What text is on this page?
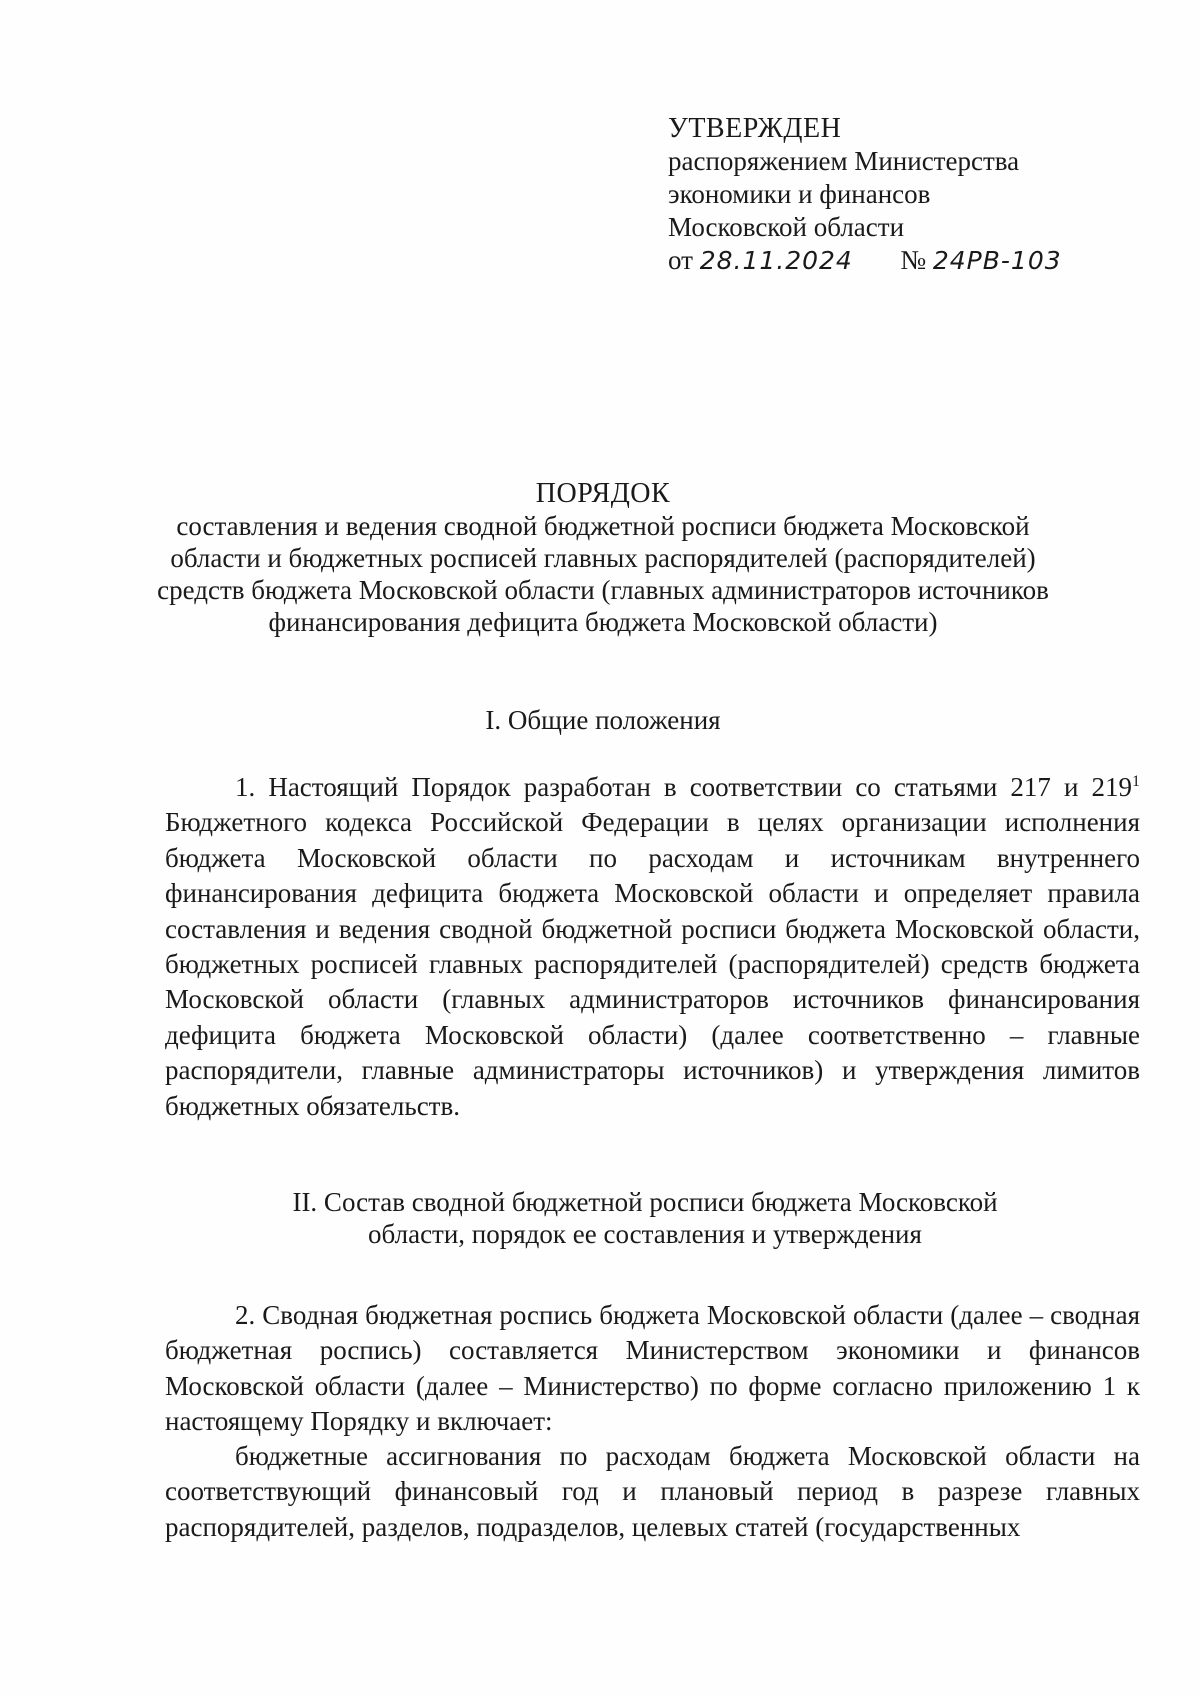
УТВЕРЖДЕН
распоряжением Министерства
экономики и финансов
Московской области
от 28.11.2024 № 24РВ-103
ПОРЯДОК
составления и ведения сводной бюджетной росписи бюджета Московской
области и бюджетных росписей главных распорядителей (распорядителей)
средств бюджета Московской области (главных администраторов источников
финансирования дефицита бюджета Московской области)
I. Общие положения
1. Настоящий Порядок разработан в соответствии со статьями 217 и $219^1$ Бюджетного кодекса Российской Федерации в целях организации исполнения бюджета Московской области по расходам и источникам внутреннего финансирования дефицита бюджета Московской области и определяет правила составления и ведения сводной бюджетной росписи бюджета Московской области, бюджетных росписей главных распорядителей (распорядителей) средств бюджета Московской области (главных администраторов источников финансирования дефицита бюджета Московской области) (далее соответственно – главные распорядители, главные администраторы источников) и утверждения лимитов бюджетных обязательств.
II. Состав сводной бюджетной росписи бюджета Московской
области, порядок ее составления и утверждения
2. Сводная бюджетная роспись бюджета Московской области (далее – сводная бюджетная роспись) составляется Министерством экономики и финансов Московской области (далее – Министерство) по форме согласно приложению 1 к настоящему Порядку и включает:
бюджетные ассигнования по расходам бюджета Московской области на соответствующий финансовый год и плановый период в разрезе главных распорядителей, разделов, подразделов, целевых статей (государственных
